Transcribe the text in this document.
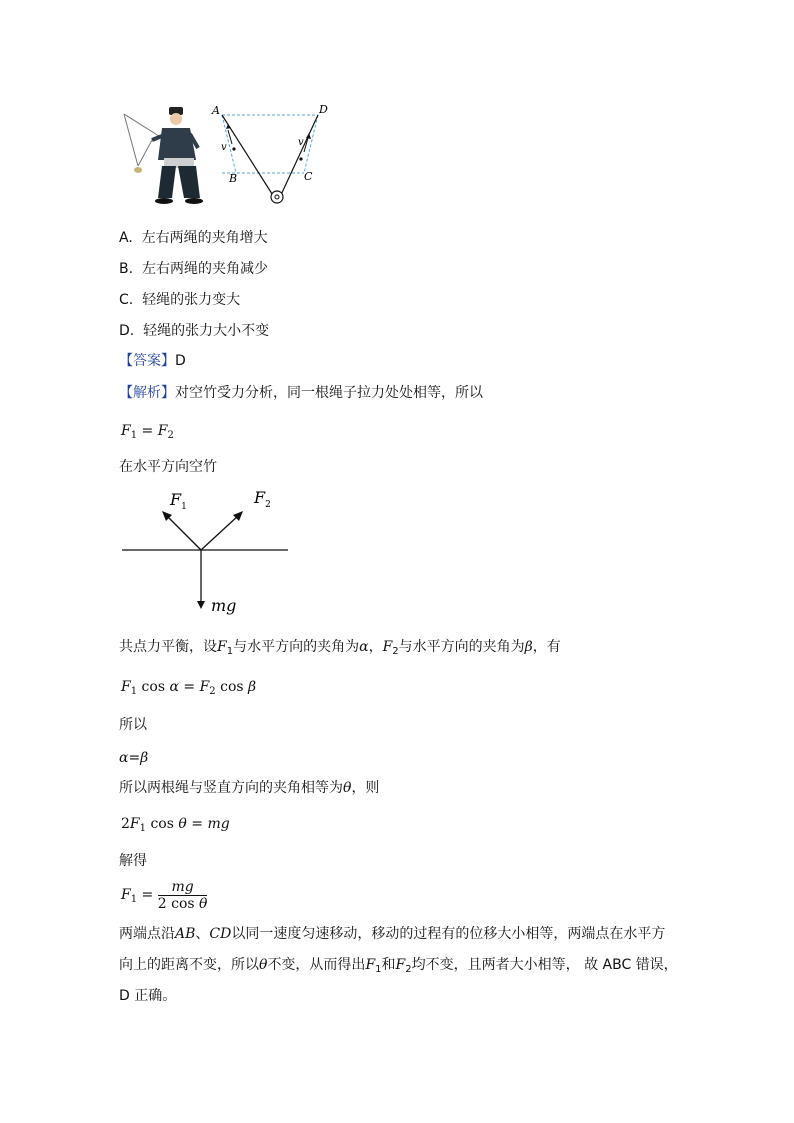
A	D
B	C
v	v
A. 左右两绳的夹角增大
B. 左右两绳的夹角减少
C. 轻绳的张力变大
D. 轻绳的张力大小不变
【答案】D
【解析】对空竹受力分析，同一根绳子拉力处处相等，所以
$F_1 = F_2$
在水平方向空竹
$F_1$	$F_2$
mg
共点力平衡，设$F_1$与水平方向的夹角为α，$F_2$与水平方向的夹角为β，有
$F_1$ $\cos \alpha = F_2$ cos β
所以
α=β
所以两根绳与竖直方向的夹角相等为θ，则
$2F_1$ cos θ = mg
解得
$F_1 = \frac{mg}{\text{2 cos θ}}$
两端点沿AB、CD以同一速度匀速移动，移动的过程有的位移大小相等，两端点在水平方
向上的距离不变，所以θ不变，从而得出$F_1$和$F_2$均不变，且两者大小相等， 故 ABC 错误，
D 正确。
